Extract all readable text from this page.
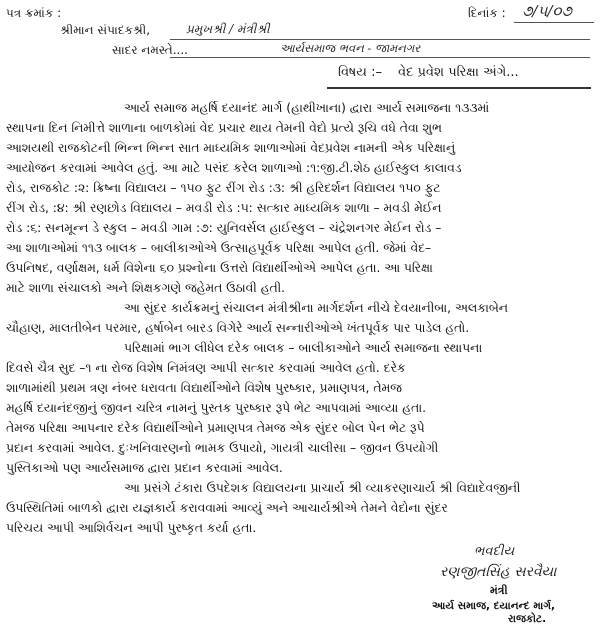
પત્ર ક્રમાંક :	દિનાંક : ૭/૫/૦૭
શ્રીમાન સંપાદકશ્રી,	પ્રમુખશ્રી / મંત્રીશ્રી
આર્યસમાજ ભવન - જામનગર
સાદર નમસ્તે....
વિષય :– વેદ પ્રવેશ પરિક્ષા અંગે...
આર્ય સમાજ મહર્ષિ દયાનંદ માર્ગ (હાથીખાના) દ્વારા આર્ય સમાજના ૧૩૩માં
સ્થાપના દિન નિમીત્તે શાળાના બાળકોમાં વેદ પ્રચાર થાય તેમની વેદો પ્રત્યે રૂચિ વધે તેવા શુભ
આશયથી રાજકોટની ભિન્ન ભિન્ન સાત માધ્યમિક શાળાઓમાં વેદપ્રવેશ નામની એક પરિક્ષાનું
આયોજન કરવામાં આવેલ હતું. આ માટે પસંદ કરેલ શાળાઓ :૧:જી.ટી.શેઠ હાઈસ્કુલ કાલાવડ
રોડ, રાજકોટ :૨: ક્રિષ્ના વિદ્યાલય – ૧૫૦ ફુટ રીંગ રોડ :૩: શ્રી હરિદર્શન વિદ્યાલય ૧૫૦ ફુટ
રીંગ રોડ, :૪: શ્રી રણછોડ વિદ્યાલય – મવડી રોડ :૫: સત્કાર માધ્યમિક શાળા – મવડી મેઈન
રોડ :૬: સનમૂન્ન ડે સ્કુલ – મવડી ગામ :૭: યુનિવર્સલ હાઈસ્કુલ – ચંદ્રેશનગર મેઈન રોડ –
આ શાળાઓમાં ૧૧૩ બાલક – બાલીકાઓએ ઉત્સાહપૂર્વક પરિક્ષા આપેલ હતી. જેમાં વેદ–
ઉપનિષદ, વર્ણાક્ષમ, ધર્મ વિશેના ૬૦ પ્રશ્નોના ઉત્તરો વિદ્યાર્થીઓએ આપેલ હતા. આ પરિક્ષા
માટે શાળા સંચાલકો અને શિક્ષકગણે જહેમત ઉઠાવી હતી.
આ સુંદર કાર્યક્રમનું સંચાલન મંત્રીશ્રીના માર્ગદર્શન નીચે દેવયાનીબા, અલકાબેન
ચૌહાણ, માલતીબેન પરમાર, હર્ષાબેન બારડ વિગેરે આર્ય સન્નારીઓએ ખંતપૂર્વક પાર પાડેલ હતો.
પરિક્ષામાં ભાગ લીધેલ દરેક બાલક – બાલીકાઓને આર્ય સમાજના સ્થાપના
દિવસે ચૈત્ર સુદ –૧ ના રોજ વિશેષ નિમંત્રણ આપી સત્કાર કરવામાં આવેલ હતો. દરેક
શાળામાંથી પ્રથમ ત્રણ નંબર ધરાવતા વિદ્યાર્થીઓને વિશેષ પુરષ્કાર, પ્રમાણપત્ર, તેમજ
મહર્ષિ દયાનંદજીનું જીવન ચરિત્ર નામનું પુસ્તક પુરષ્કાર રૂપે ભેટ આપવામાં આવ્યા હતા.
તેમજ પરિક્ષા આપનાર દરેક વિદ્યાર્થીઓને પ્રમાણપત્ર તેમજ એક સુંદર બોલ પેન ભેટ રૂપે
પ્રદાન કરવામાં આવેલ. દુઃખનિવારણનો ભામક ઉપાયો, ગાયત્રી ચાલીસા – જીવન ઉપયોગી
પુસ્તિકાઓ પણ આર્યસમાજ દ્વારા પ્રદાન કરવામાં આવેલ.
આ પ્રસંગે ટંકારા ઉપદેશક વિદ્યાલયના પ્રાચાર્ય શ્રી વ્યાકરણાચાર્ય શ્રી વિદ્યાદેવજીની
ઉપસ્થિતિમાં બાળકો દ્વારા યજ્ઞકાર્ય કરાવવામાં આવ્યું અને આચાર્યશ્રીએ તેમને વેદોના સુંદર
પરિચય આપી આશિર્વચન આપી પુરષ્કૃત કર્યા હતા.
ભવદીય
રણજીતસિંહ સરવૈયા
મંત્રી
આર્ય સમાજ, દયાનન્દ માર્ગ,
રાજકોટ.
